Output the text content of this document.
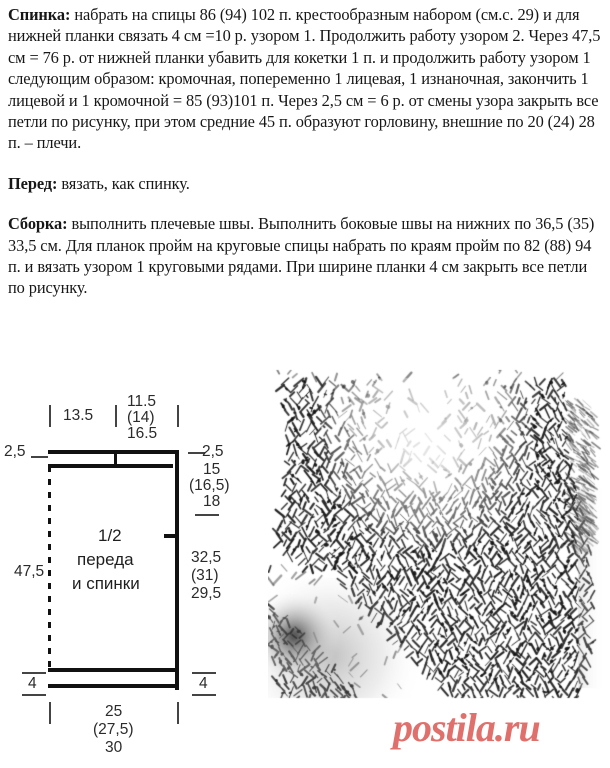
Спинка: набрать на спицы 86 (94) 102 п. крестообразным набором (см.с. 29) и для нижней планки связать 4 см =10 р. узором 1. Продолжить работу узором 2. Через 47,5 см = 76 р. от нижней планки убавить для кокетки 1 п. и продолжить работу узором 1 следующим образом: кромочная, попеременно 1 лицевая, 1 изнаночная, закончить 1 лицевой и 1 кромочной = 85 (93)101 п. Через 2,5 см = 6 р. от смены узора закрыть все петли по рисунку, при этом средние 45 п. образуют горловину, внешние по 20 (24) 28 п. – плечи.

Перед: вязать, как спинку.

Сборка: выполнить плечевые швы. Выполнить боковые швы на нижних по 36,5 (35) 33,5 см. Для планок пройм на круговые спицы набрать по краям пройм по 82 (88) 94 п. и вязать узором 1 круговыми рядами. При ширине планки 4 см закрыть все петли по рисунку.

13.5
11.5
(14)
16.5
2,5
47,5
4
2,5
15
(16,5)
18
32,5
(31)
29,5
4
1/2
переда
и спинки
25
(27,5)
30	postila.ru
